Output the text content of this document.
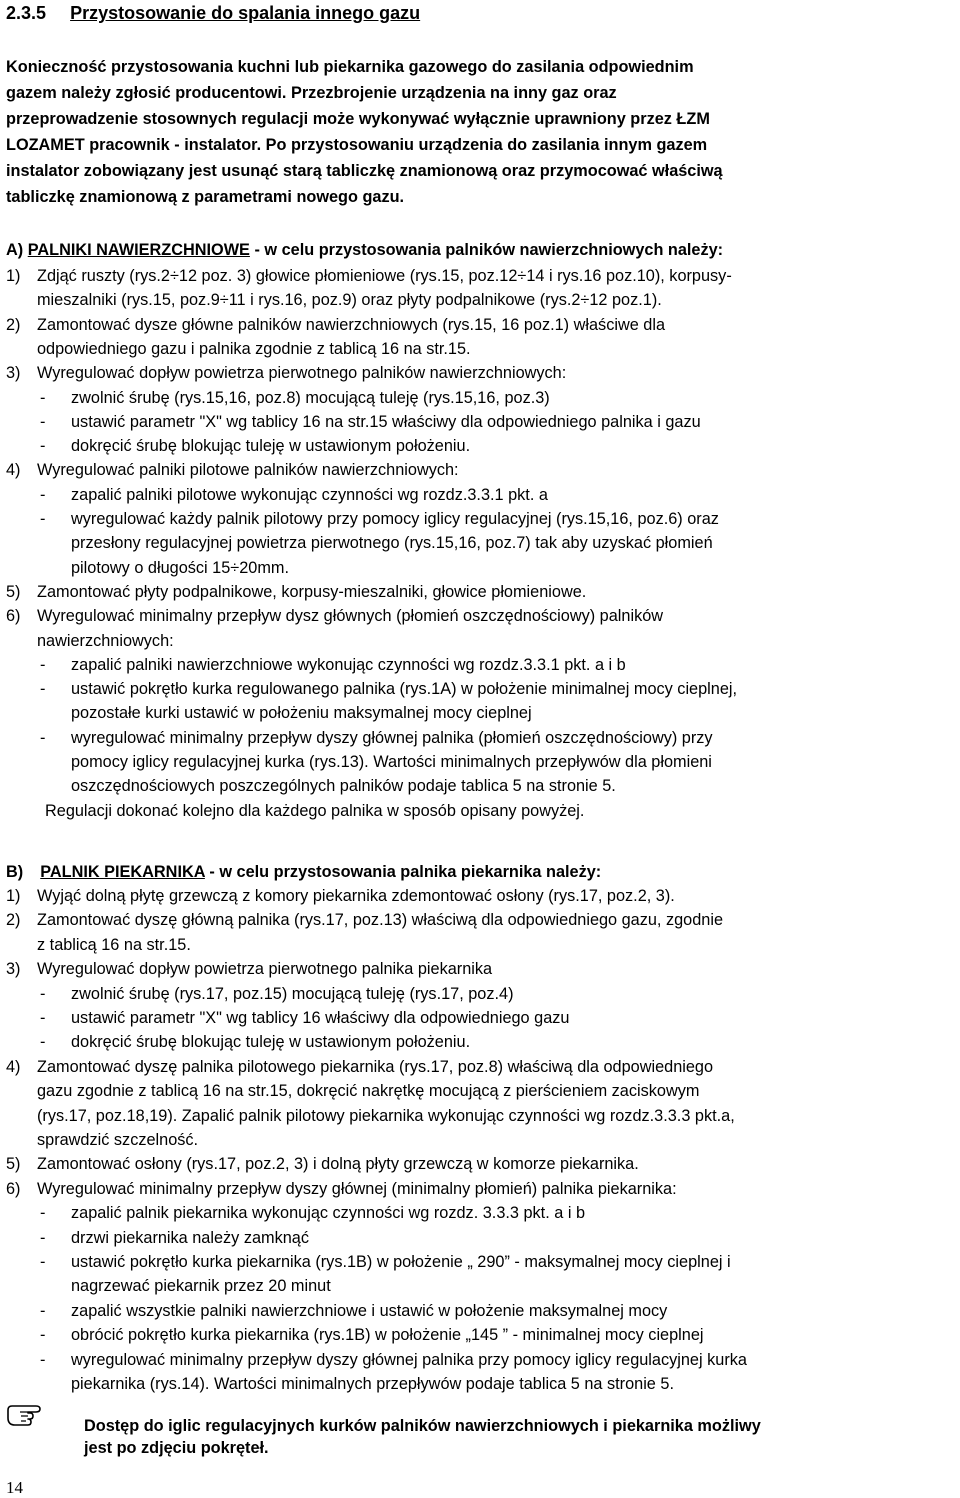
2.3.5 Przystosowanie do spalania innego gazu
Konieczność przystosowania kuchni lub piekarnika gazowego do zasilania odpowiednim
gazem należy zgłosić producentowi. Przezbrojenie urządzenia na inny gaz oraz
przeprowadzenie stosownych regulacji może wykonywać wyłącznie uprawniony przez ŁZM
LOZAMET pracownik - instalator. Po przystosowaniu urządzenia do zasilania innym gazem
instalator zobowiązany jest usunąć starą tabliczkę znamionową oraz przymocować właściwą
tabliczkę znamionową z parametrami nowego gazu.
A) PALNIKI NAWIERZCHNIOWE - w celu przystosowania palników nawierzchniowych należy:
1) Zdjąć ruszty (rys.2÷12 poz. 3) głowice płomieniowe (rys.15, poz.12÷14 i rys.16 poz.10), korpusy-
mieszalniki (rys.15, poz.9÷11 i rys.16, poz.9) oraz płyty podpalnikowe (rys.2÷12 poz.1).
2) Zamontować dysze główne palników nawierzchniowych (rys.15, 16 poz.1) właściwe dla
odpowiedniego gazu i palnika zgodnie z tablicą 16 na str.15.
3) Wyregulować dopływ powietrza pierwotnego palników nawierzchniowych:
- zwolnić śrubę (rys.15,16, poz.8) mocującą tuleję (rys.15,16, poz.3)
- ustawić parametr "X" wg tablicy 16 na str.15 właściwy dla odpowiedniego palnika i gazu
- dokręcić śrubę blokując tuleję w ustawionym położeniu.
4) Wyregulować palniki pilotowe palników nawierzchniowych:
- zapalić palniki pilotowe wykonując czynności wg rozdz.3.3.1 pkt. a
- wyregulować każdy palnik pilotowy przy pomocy iglicy regulacyjnej (rys.15,16, poz.6) oraz
przesłony regulacyjnej powietrza pierwotnego (rys.15,16, poz.7) tak aby uzyskać płomień
pilotowy o długości 15÷20mm.
5) Zamontować płyty podpalnikowe, korpusy-mieszalniki, głowice płomieniowe.
6) Wyregulować minimalny przepływ dysz głównych (płomień oszczędnościowy) palników
nawierzchniowych:
- zapalić palniki nawierzchniowe wykonując czynności wg rozdz.3.3.1 pkt. a i b
- ustawić pokrętło kurka regulowanego palnika (rys.1A) w położenie minimalnej mocy cieplnej,
pozostałe kurki ustawić w położeniu maksymalnej mocy cieplnej
- wyregulować minimalny przepływ dyszy głównej palnika (płomień oszczędnościowy) przy
pomocy iglicy regulacyjnej kurka (rys.13). Wartości minimalnych przepływów dla płomieni
oszczędnościowych poszczególnych palników podaje tablica 5 na stronie 5.
Regulacji dokonać kolejno dla każdego palnika w sposób opisany powyżej.
B) PALNIK PIEKARNIKA - w celu przystosowania palnika piekarnika należy:
1) Wyjąć dolną płytę grzewczą z komory piekarnika zdemontować osłony (rys.17, poz.2, 3).
2) Zamontować dyszę główną palnika (rys.17, poz.13) właściwą dla odpowiedniego gazu, zgodnie
z tablicą 16 na str.15.
3) Wyregulować dopływ powietrza pierwotnego palnika piekarnika
- zwolnić śrubę (rys.17, poz.15) mocującą tuleję (rys.17, poz.4)
- ustawić parametr "X" wg tablicy 16 właściwy dla odpowiedniego gazu
- dokręcić śrubę blokując tuleję w ustawionym położeniu.
4) Zamontować dyszę palnika pilotowego piekarnika (rys.17, poz.8) właściwą dla odpowiedniego
gazu zgodnie z tablicą 16 na str.15, dokręcić nakrętkę mocującą z pierścieniem zaciskowym
(rys.17, poz.18,19). Zapalić palnik pilotowy piekarnika wykonując czynności wg rozdz.3.3.3 pkt.a,
sprawdzić szczelność.
5) Zamontować osłony (rys.17, poz.2, 3) i dolną płyty grzewczą w komorze piekarnika.
6) Wyregulować minimalny przepływ dyszy głównej (minimalny płomień) palnika piekarnika:
- zapalić palnik piekarnika wykonując czynności wg rozdz. 3.3.3 pkt. a i b
- drzwi piekarnika należy zamknąć
- ustawić pokrętło kurka piekarnika (rys.1B) w położenie „ 290” - maksymalnej mocy cieplnej i
nagrzewać piekarnik przez 20 minut
- zapalić wszystkie palniki nawierzchniowe i ustawić w położenie maksymalnej mocy
- obrócić pokrętło kurka piekarnika (rys.1B) w położenie „145 ” - minimalnej mocy cieplnej
- wyregulować minimalny przepływ dyszy głównej palnika przy pomocy iglicy regulacyjnej kurka
piekarnika (rys.14). Wartości minimalnych przepływów podaje tablica 5 na stronie 5.
Dostęp do iglic regulacyjnych kurków palników nawierzchniowych i piekarnika możliwy
jest po zdjęciu pokręteł.
14
